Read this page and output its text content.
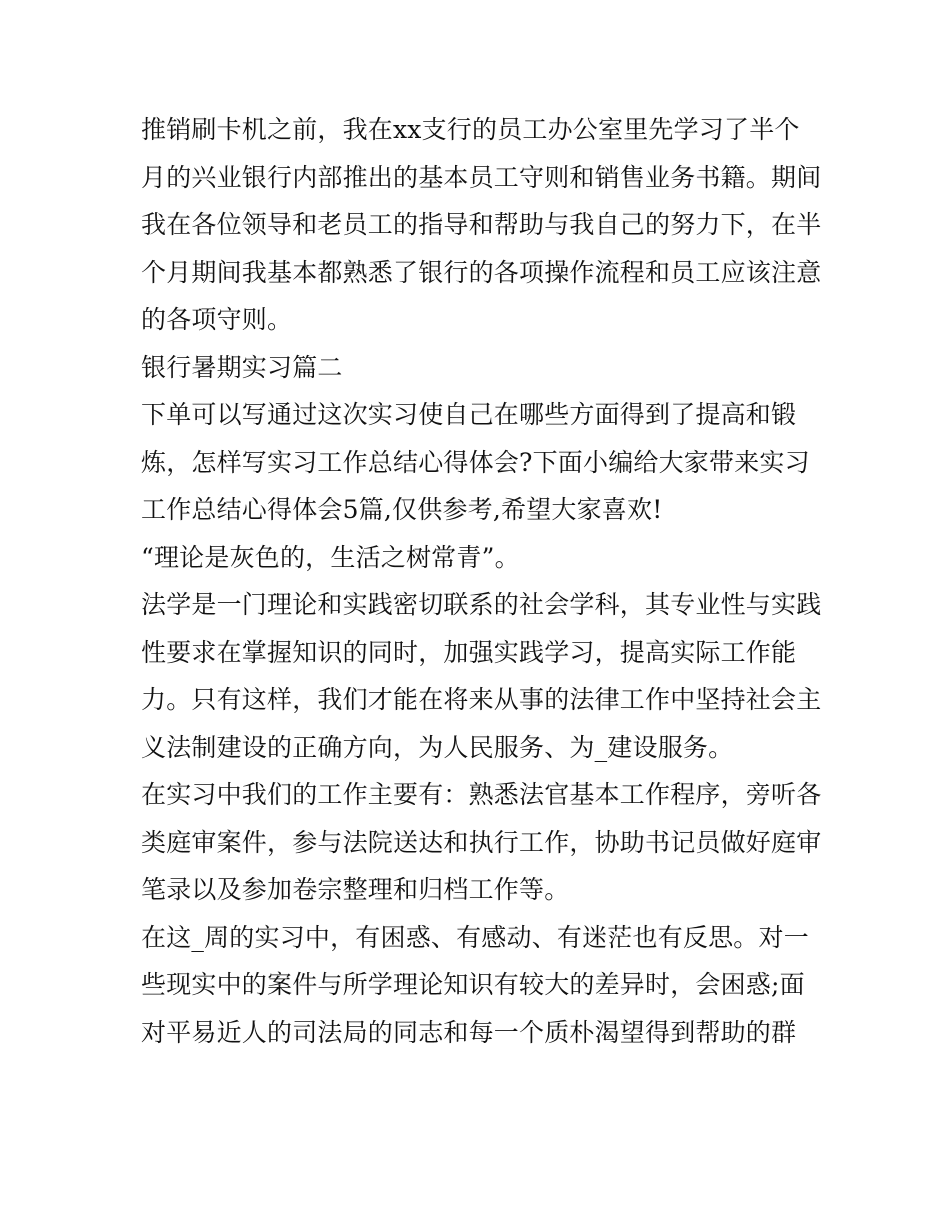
推销刷卡机之前，我在xx支行的员工办公室里先学习了半个
月的兴业银行内部推出的基本员工守则和销售业务书籍。期间
我在各位领导和老员工的指导和帮助与我自己的努力下，在半
个月期间我基本都熟悉了银行的各项操作流程和员工应该注意
的各项守则。
银行暑期实习篇二
下单可以写通过这次实习使自己在哪些方面得到了提高和锻
炼，怎样写实习工作总结心得体会?下面小编给大家带来实习
工作总结心得体会5篇,仅供参考,希望大家喜欢!
“理论是灰色的，生活之树常青”。
法学是一门理论和实践密切联系的社会学科，其专业性与实践
性要求在掌握知识的同时，加强实践学习，提高实际工作能
力。只有这样，我们才能在将来从事的法律工作中坚持社会主
义法制建设的正确方向，为人民服务、为_建设服务。
在实习中我们的工作主要有：熟悉法官基本工作程序，旁听各
类庭审案件，参与法院送达和执行工作，协助书记员做好庭审
笔录以及参加卷宗整理和归档工作等。
在这_周的实习中，有困惑、有感动、有迷茫也有反思。对一
些现实中的案件与所学理论知识有较大的差异时，会困惑;面
对平易近人的司法局的同志和每一个质朴渴望得到帮助的群
